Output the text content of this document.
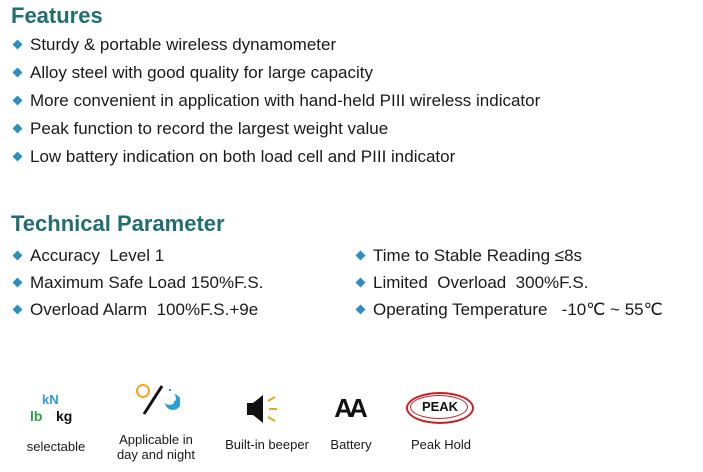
Features
Sturdy & portable wireless dynamometer
Alloy steel with good quality for large capacity
More convenient in application with hand-held PIII wireless indicator
Peak function to record the largest weight value
Low battery indication on both load cell and PIII indicator
Technical Parameter
Accuracy  Level 1
Maximum Safe Load 150%F.S.
Overload Alarm  100%F.S.+9e
Time to Stable Reading ≤8s
Limited  Overload  300%F.S.
Operating Temperature   -10℃ ~ 55℃
kN
lb kg
selectable	Applicable in
day and night
Built-in beeper
AA
Battery
PEAK
Peak Hold
